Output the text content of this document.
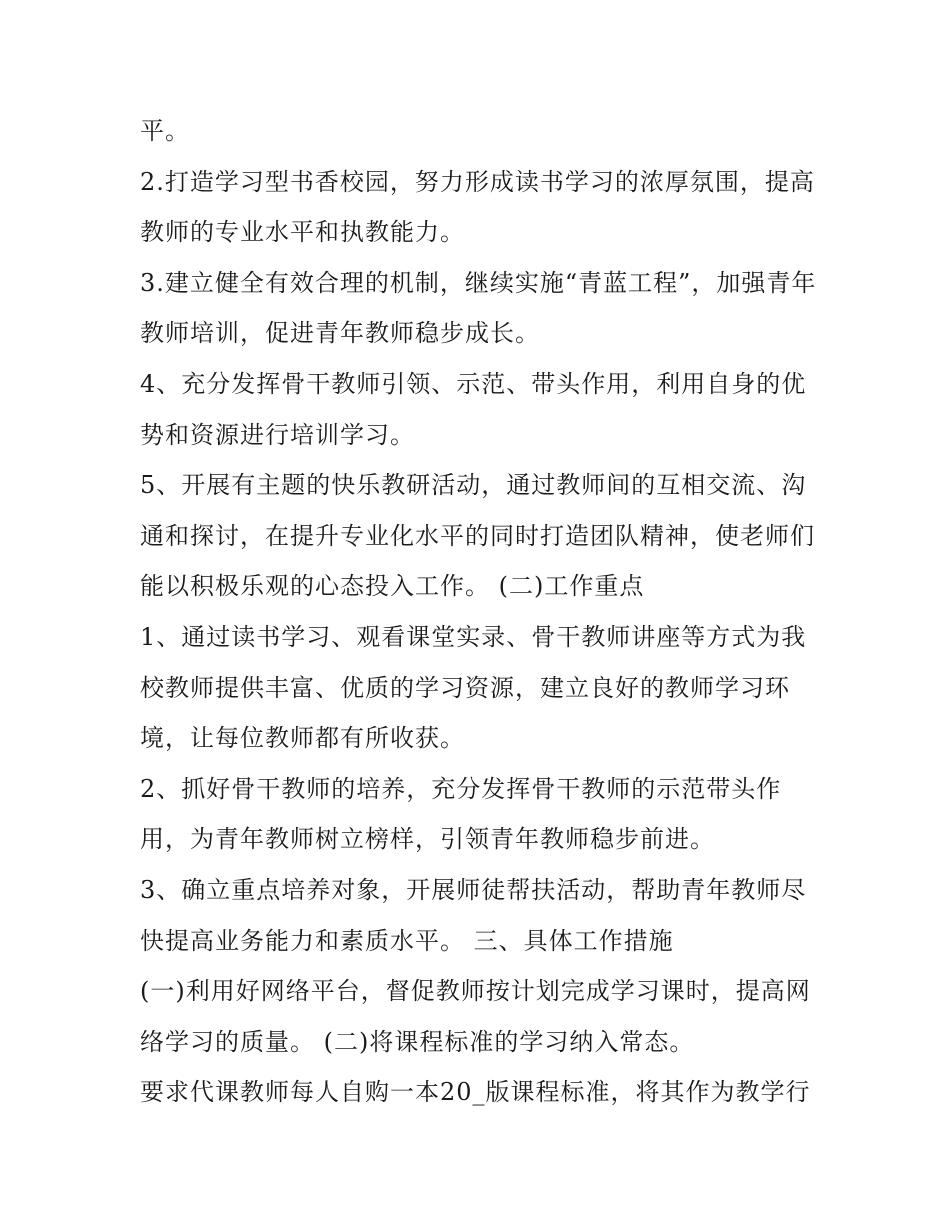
平。
2.打造学习型书香校园，努力形成读书学习的浓厚氛围，提高
教师的专业水平和执教能力。
3.建立健全有效合理的机制，继续实施“青蓝工程”，加强青年
教师培训，促进青年教师稳步成长。
4、充分发挥骨干教师引领、示范、带头作用，利用自身的优
势和资源进行培训学习。
5、开展有主题的快乐教研活动，通过教师间的互相交流、沟
通和探讨，在提升专业化水平的同时打造团队精神，使老师们
能以积极乐观的心态投入工作。 (二)工作重点
1、通过读书学习、观看课堂实录、骨干教师讲座等方式为我
校教师提供丰富、优质的学习资源，建立良好的教师学习环
境，让每位教师都有所收获。
2、抓好骨干教师的培养，充分发挥骨干教师的示范带头作
用，为青年教师树立榜样，引领青年教师稳步前进。
3、确立重点培养对象，开展师徒帮扶活动，帮助青年教师尽
快提高业务能力和素质水平。 三、具体工作措施
(一)利用好网络平台，督促教师按计划完成学习课时，提高网
络学习的质量。 (二)将课程标准的学习纳入常态。
要求代课教师每人自购一本20_版课程标准，将其作为教学行
